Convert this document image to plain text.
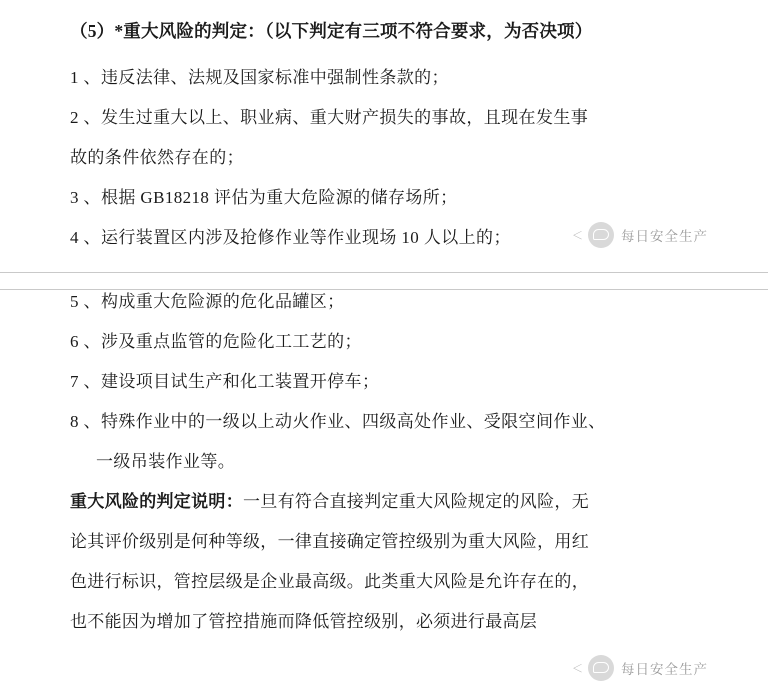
（5）*重大风险的判定：（以下判定有三项不符合要求，为否决项）

1 、违反法律、法规及国家标准中强制性条款的；

2 、发生过重大以上、职业病、重大财产损失的事故，且现在发生事

故的条件依然存在的；

3 、根据 GB18218 评估为重大危险源的储存场所；

4 、运行装置区内涉及抢修作业等作业现场 10 人以上的；

5 、构成重大危险源的危化品罐区；

6 、涉及重点监管的危险化工工艺的；

7 、建设项目试生产和化工装置开停车；

8 、特殊作业中的一级以上动火作业、四级高处作业、受限空间作业、

一级吊装作业等。

重大风险的判定说明：一旦有符合直接判定重大风险规定的风险，无

论其评价级别是何种等级，一律直接确定管控级别为重大风险，用红

色进行标识，管控层级是企业最高级。此类重大风险是允许存在的，

也不能因为增加了管控措施而降低管控级别，必须进行最高层

＜	每日安全生产
＜	每日安全生产
